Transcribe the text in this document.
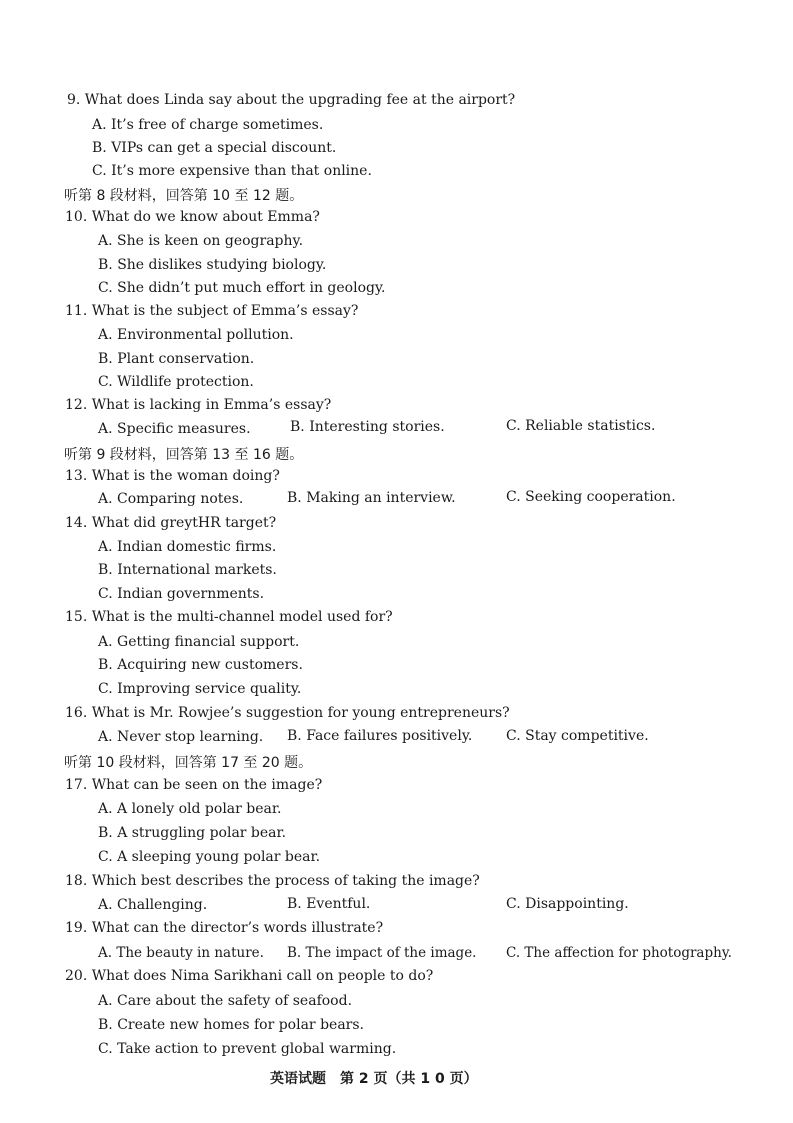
9. What does Linda say about the upgrading fee at the airport?
A. It’s free of charge sometimes.
B. VIPs can get a special discount.
C. It’s more expensive than that online.
听第 8 段材料，回答第 10 至 12 题。
10. What do we know about Emma?
A. She is keen on geography.
B. She dislikes studying biology.
C. She didn’t put much effort in geology.
11. What is the subject of Emma’s essay?
A. Environmental pollution.
B. Plant conservation.
C. Wildlife protection.
12. What is lacking in Emma’s essay?
A. Specific measures.	B. Interesting stories.	C. Reliable statistics.
听第 9 段材料，回答第 13 至 16 题。
13. What is the woman doing?
A. Comparing notes.	B. Making an interview.	C. Seeking cooperation.
14. What did greytHR target?
A. Indian domestic firms.
B. International markets.
C. Indian governments.
15. What is the multi-channel model used for?
A. Getting financial support.
B. Acquiring new customers.
C. Improving service quality.
16. What is Mr. Rowjee’s suggestion for young entrepreneurs?
A. Never stop learning. B. Face failures positively. C. Stay competitive.
听第 10 段材料，回答第 17 至 20 题。
17. What can be seen on the image?
A. A lonely old polar bear.
B. A struggling polar bear.
C. A sleeping young polar bear.
18. Which best describes the process of taking the image?
A. Challenging.	B. Eventful.	C. Disappointing.
19. What can the director’s words illustrate?
A. The beauty in nature. B. The impact of the image. C. The affection for photography.
20. What does Nima Sarikhani call on people to do?
A. Care about the safety of seafood.
B. Create new homes for polar bears.
C. Take action to prevent global warming.
英语试题　第 2 页（共 1 0 页）
